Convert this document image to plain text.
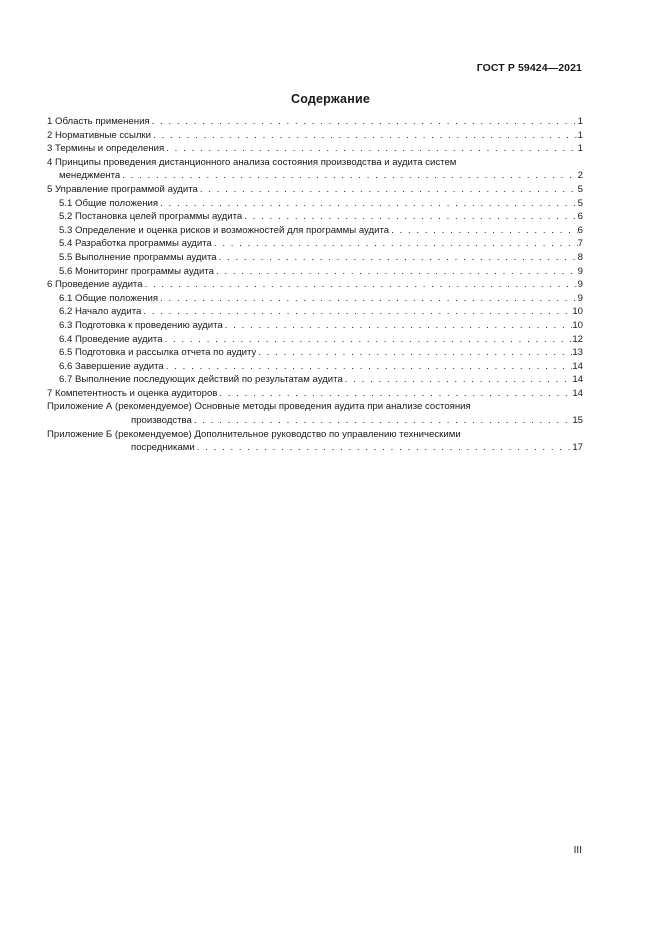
ГОСТ Р 59424—2021
Содержание
1 Область применения . . .	1
2 Нормативные ссылки . . .	1
3 Термины и определения . . .	1
4 Принципы проведения дистанционного анализа состояния производства и аудита систем
менеджмента . . .	2
5 Управление программой аудита . . .	5
5.1 Общие положения . . .	5
5.2 Постановка целей программы аудита . . .	6
5.3 Определение и оценка рисков и возможностей для программы аудита . . .	6
5.4 Разработка программы аудита . . .	7
5.5 Выполнение программы аудита . . .	8
5.6 Мониторинг программы аудита . . .	9
6 Проведение аудита . . .	9
6.1 Общие положения . . .	9
6.2 Начало аудита . . .	10
6.3 Подготовка к проведению аудита . . .	10
6.4 Проведение аудита . . .	12
6.5 Подготовка и рассылка отчета по аудиту . . .	13
6.6 Завершение аудита . . .	14
6.7 Выполнение последующих действий по результатам аудита . . .	14
7 Компетентность и оценка аудиторов . . .	14
Приложение А (рекомендуемое) Основные методы проведения аудита при анализе состояния
производства . . .	15
Приложение Б (рекомендуемое) Дополнительное руководство по управлению техническими
посредниками . . .	17
III
